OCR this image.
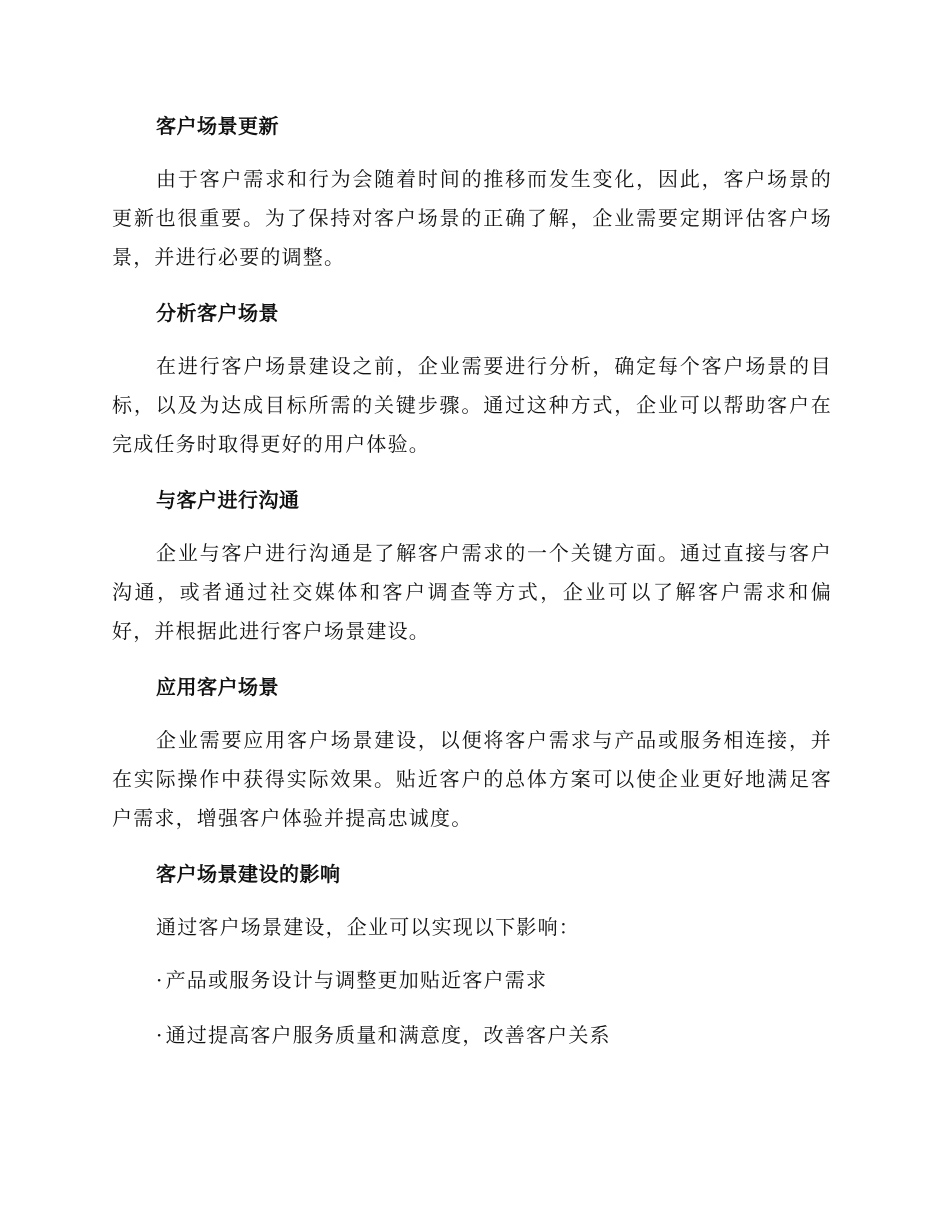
客户场景更新

由于客户需求和行为会随着时间的推移而发生变化，因此，客户场景的更新也很重要。为了保持对客户场景的正确了解，企业需要定期评估客户场景，并进行必要的调整。

分析客户场景

在进行客户场景建设之前，企业需要进行分析，确定每个客户场景的目标，以及为达成目标所需的关键步骤。通过这种方式，企业可以帮助客户在完成任务时取得更好的用户体验。

与客户进行沟通

企业与客户进行沟通是了解客户需求的一个关键方面。通过直接与客户沟通，或者通过社交媒体和客户调查等方式，企业可以了解客户需求和偏好，并根据此进行客户场景建设。

应用客户场景

企业需要应用客户场景建设，以便将客户需求与产品或服务相连接，并在实际操作中获得实际效果。贴近客户的总体方案可以使企业更好地满足客户需求，增强客户体验并提高忠诚度。

客户场景建设的影响

通过客户场景建设，企业可以实现以下影响：

· 产品或服务设计与调整更加贴近客户需求
· 通过提高客户服务质量和满意度，改善客户关系
